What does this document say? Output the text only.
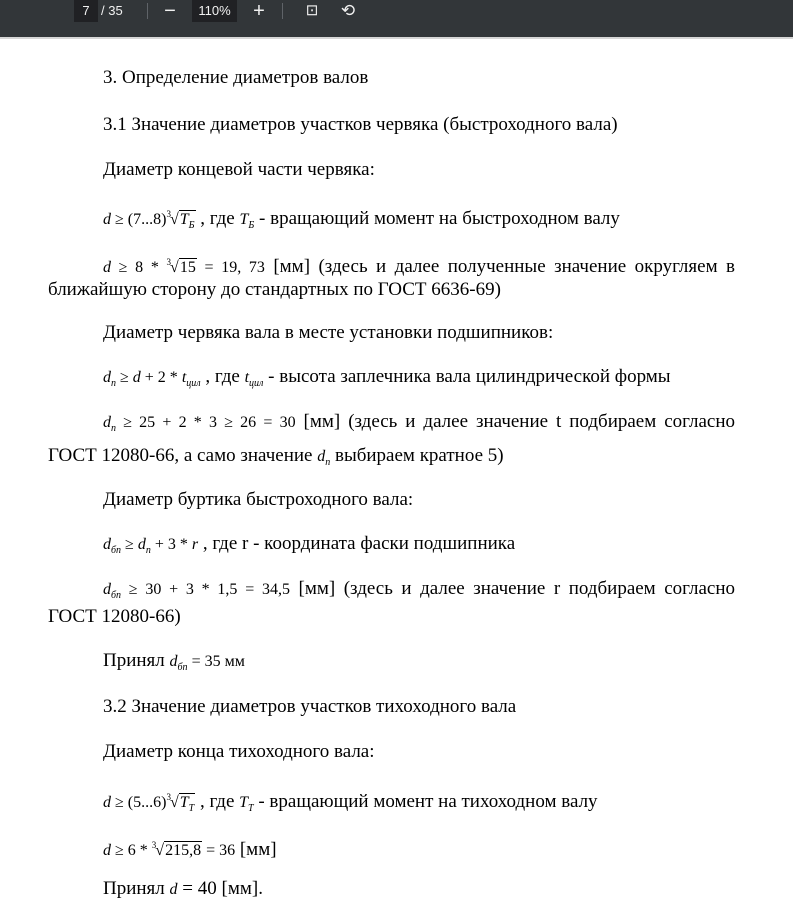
7 / 35	−	110%	+	⊡	⟲
3. Определение диаметров валов
3.1 Значение диаметров участков червяка (быстроходного вала)
Диаметр концевой части червяка:
$d \ge (7...8)^3√T_Б$ , где $T_Б$ - вращающий момент на быстроходном валу
d ≥ 8 * $^3$√15 = 19, 73 [мм] (здесь и далее полученные значение округляем в
ближайшую сторону до стандартных по ГОСТ 6636-69)
Диаметр червяка вала в месте установки подшипников:
$d_п \ge d + 2 * t_{цил}$ , где $t_{цил}$ - высота заплечника вала цилиндрической формы
$d_п \ge 25 + 2 * 3 \ge 26 = 30$ [мм] (здесь и далее значение t подбираем согласно
ГОСТ 12080-66, а само значение $d_п$ выбираем кратное 5)
Диаметр буртика быстроходного вала:
$d_{бп} \ge d_п + 3 * r$ , где r - координата фаски подшипника
$d_{бп} \ge 30 + 3 * 1,5 = 34,5$ [мм] (здесь и далее значение r подбираем согласно
ГОСТ 12080-66)
Принял $d_{бп} = 35$ мм
3.2 Значение диаметров участков тихоходного вала
Диаметр конца тихоходного вала:
$d \ge (5...6)^3√T_T$ , где $T_T$ - вращающий момент на тихоходном валу
d ≥ 6 * $^3$√215,8 = 36 [мм]
Принял d = 40 [мм].
